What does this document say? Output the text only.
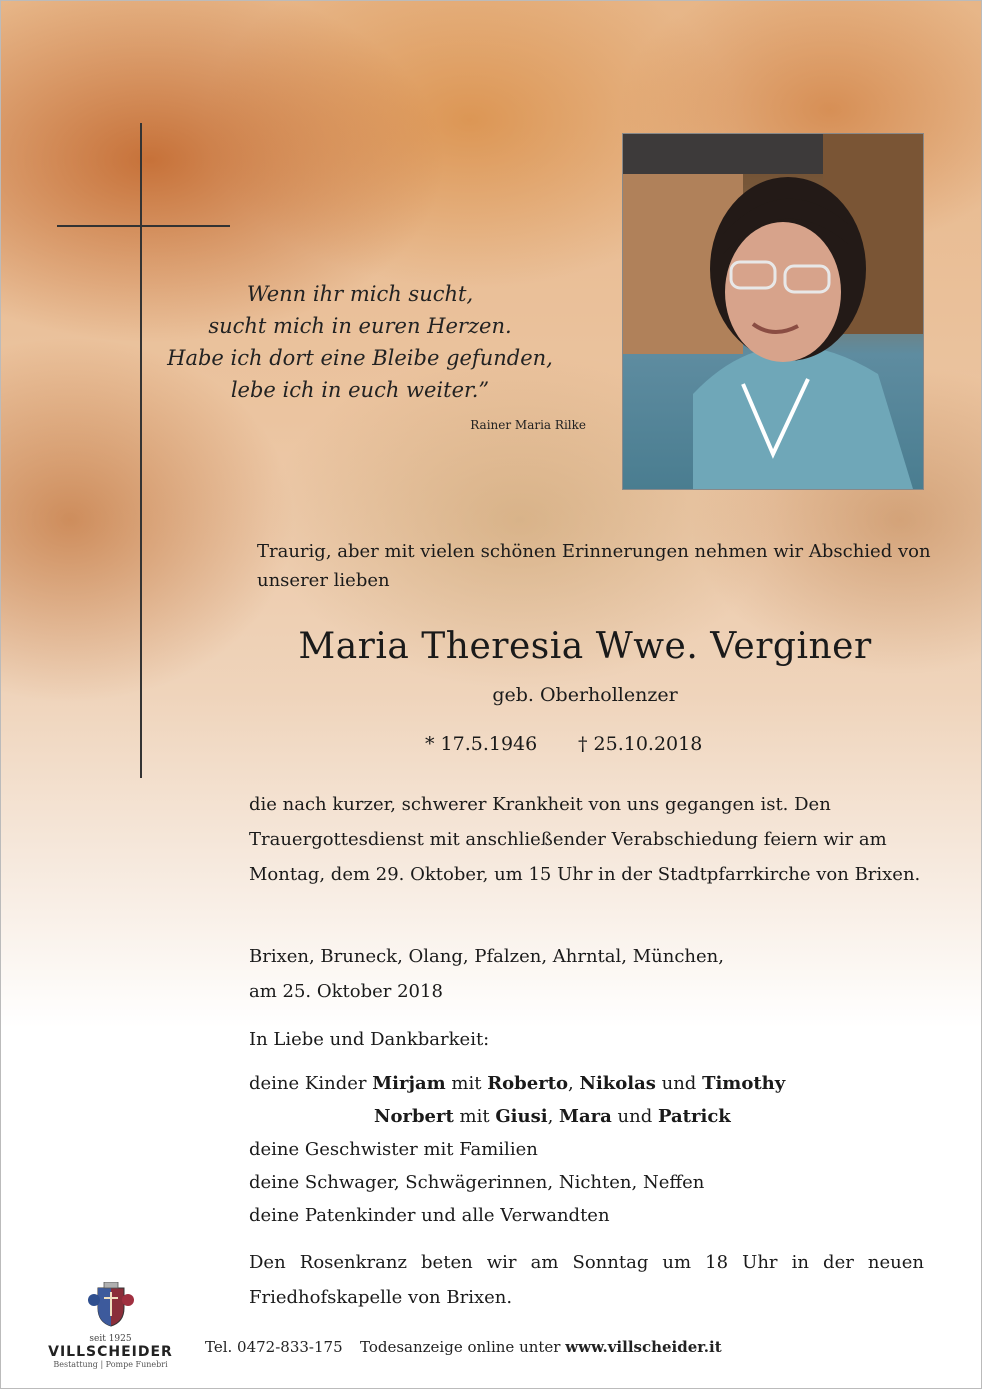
Wenn ihr mich sucht,
sucht mich in euren Herzen.
Habe ich dort eine Bleibe gefunden,
lebe ich in euch weiter.”
Rainer Maria Rilke
Traurig, aber mit vielen schönen Erinnerungen nehmen wir Abschied von unserer lieben
Maria Theresia Wwe. Verginer
geb. Oberhollenzer
* 17.5.1946 † 25.10.2018
die nach kurzer, schwerer Krankheit von uns gegangen ist. Den Trauergottesdienst mit anschließender Verabschiedung feiern wir am Montag, dem 29. Oktober, um 15 Uhr in der Stadtpfarrkirche von Brixen.
Brixen, Bruneck, Olang, Pfalzen, Ahrntal, München,
am 25. Oktober 2018
In Liebe und Dankbarkeit:
deine Kinder Mirjam mit Roberto, Nikolas und Timothy
Norbert mit Giusi, Mara und Patrick
deine Geschwister mit Familien
deine Schwager, Schwägerinnen, Nichten, Neffen
deine Patenkinder und alle Verwandten
Den Rosenkranz beten wir am Sonntag um 18 Uhr in der neuen Friedhofskapelle von Brixen.
seit 1925
VILLSCHEIDER
Bestattung | Pompe Funebri
Tel. 0472-833-175 Todesanzeige online unter www.villscheider.it
